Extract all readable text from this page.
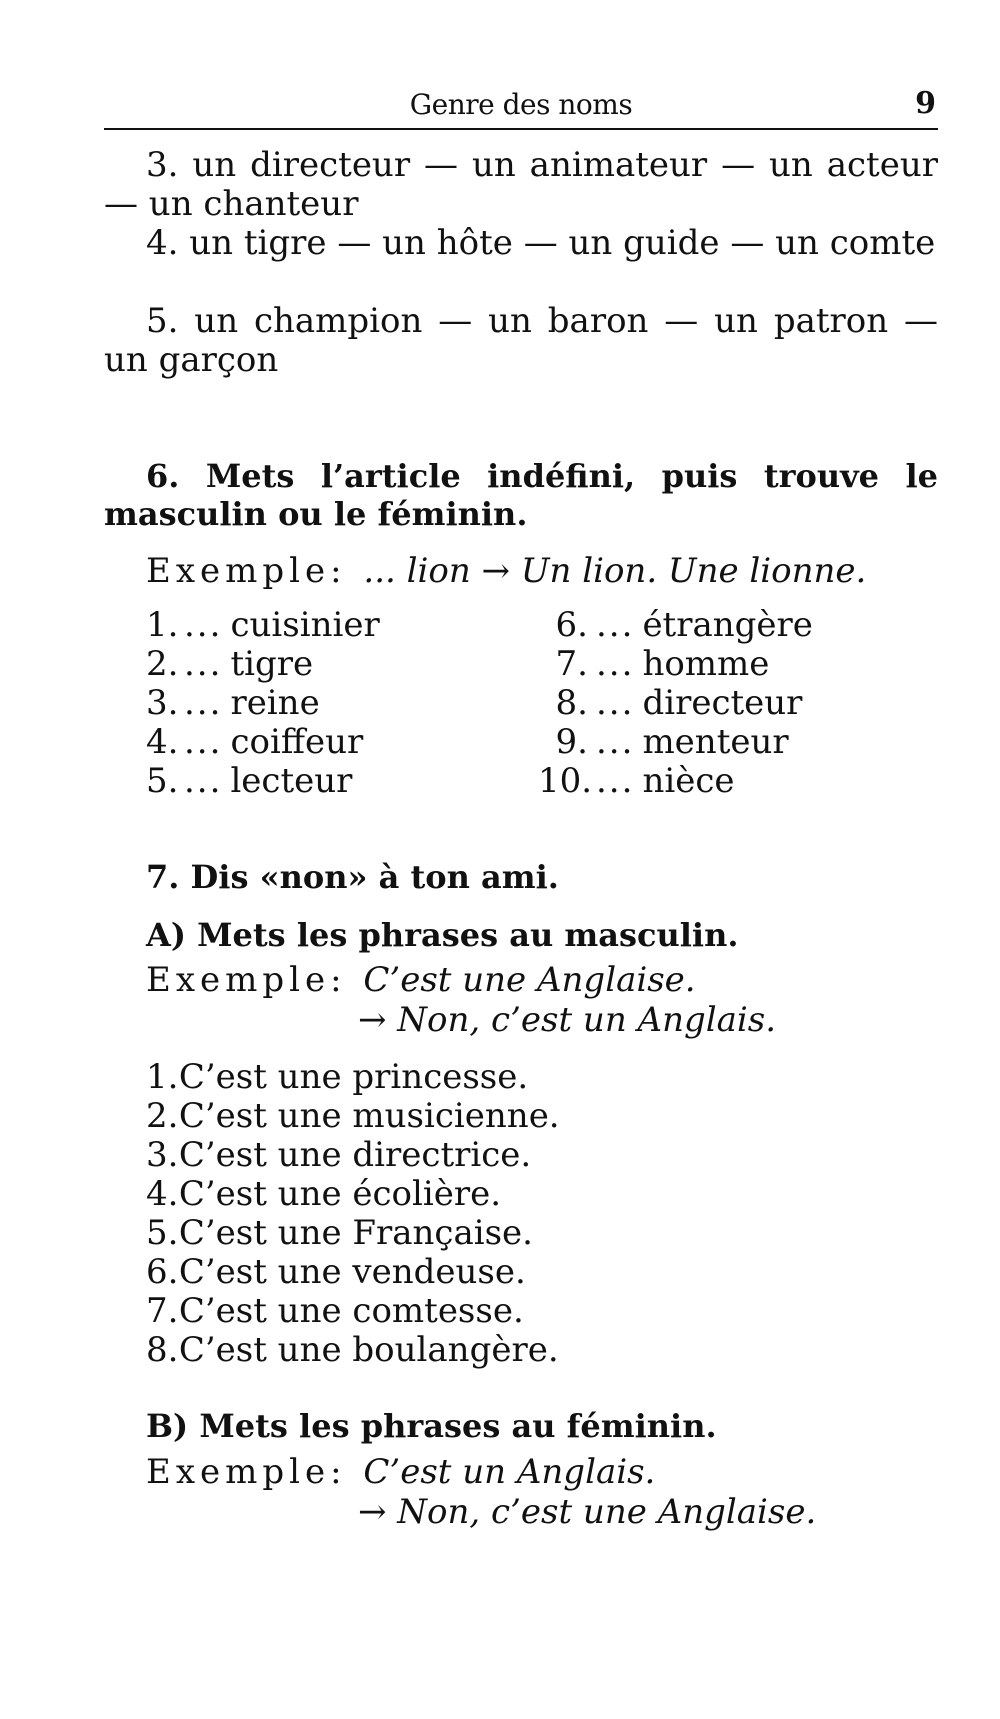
Genre des noms	9
3. un directeur — un animateur — un acteur — un chanteur
4. un tigre — un hôte — un guide — un comte
5. un champion — un baron — un patron — un garçon
6. Mets l’article indéfini, puis trouve le masculin ou le féminin.
Exemple: ... lion → Un lion. Une lionne.
1. ... cuisinier
2. ... tigre
3. ... reine
4. ... coiffeur
5. ... lecteur
6. ... étrangère
7. ... homme
8. ... directeur
9. ... menteur
10. ... nièce
7. Dis «non» à ton ami.
A) Mets les phrases au masculin.
Exemple: C’est une Anglaise.
→ Non, c’est un Anglais.
1. C’est une princesse.
2. C’est une musicienne.
3. C’est une directrice.
4. C’est une écolière.
5. C’est une Française.
6. C’est une vendeuse.
7. C’est une comtesse.
8. C’est une boulangère.
B) Mets les phrases au féminin.
Exemple: C’est un Anglais.
→ Non, c’est une Anglaise.
